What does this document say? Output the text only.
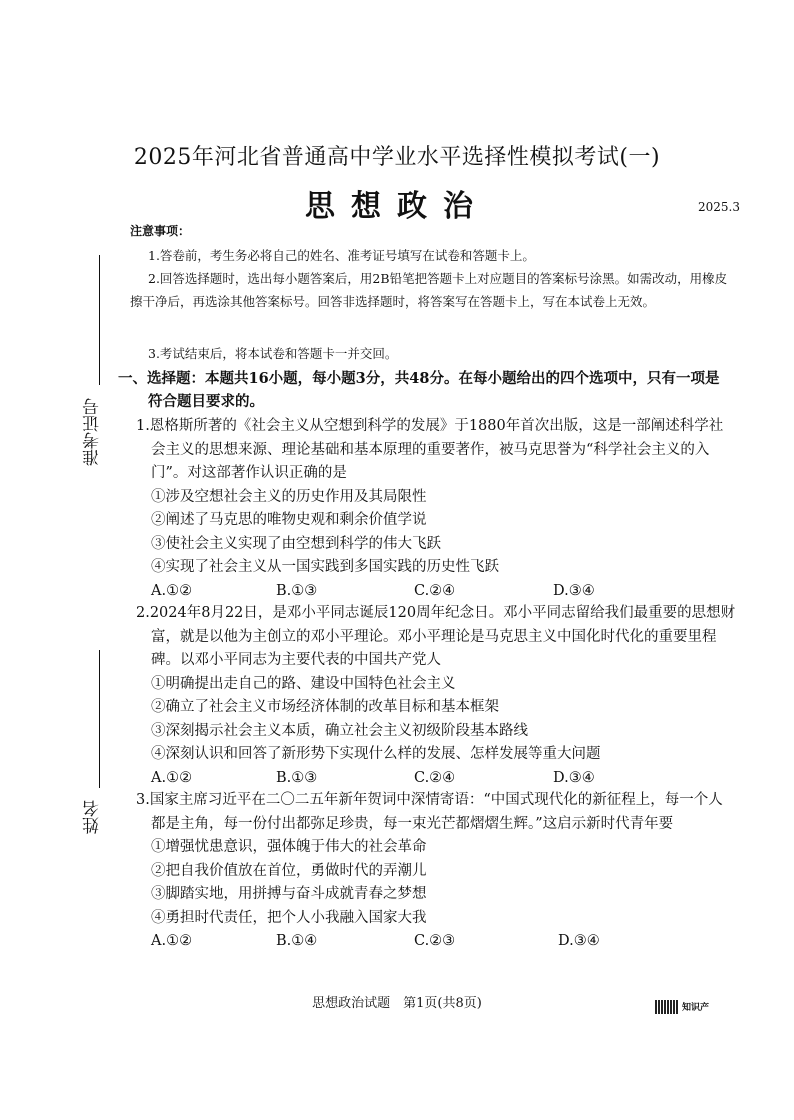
2025年河北省普通高中学业水平选择性模拟考试(一)
思想政治	2025.3
准考证号
姓名
注意事项：
1.答卷前，考生务必将自己的姓名、准考证号填写在试卷和答题卡上。
2.回答选择题时，选出每小题答案后，用2B铅笔把答题卡上对应题目的答案标号涂黑。如需改动，用橡皮擦干净后，再选涂其他答案标号。回答非选择题时，将答案写在答题卡上，写在本试卷上无效。
3.考试结束后，将本试卷和答题卡一并交回。
一、选择题：本题共16小题，每小题3分，共48分。在每小题给出的四个选项中，只有一项是符合题目要求的。
1.恩格斯所著的《社会主义从空想到科学的发展》于1880年首次出版，这是一部阐述科学社会主义的思想来源、理论基础和基本原理的重要著作，被马克思誉为“科学社会主义的入门”。对这部著作认识正确的是
①涉及空想社会主义的历史作用及其局限性
②阐述了马克思的唯物史观和剩余价值学说
③使社会主义实现了由空想到科学的伟大飞跃
④实现了社会主义从一国实践到多国实践的历史性飞跃
A.①②	B.①③	C.②④	D.③④
2.2024年8月22日，是邓小平同志诞辰120周年纪念日。邓小平同志留给我们最重要的思想财富，就是以他为主创立的邓小平理论。邓小平理论是马克思主义中国化时代化的重要里程碑。以邓小平同志为主要代表的中国共产党人
①明确提出走自己的路、建设中国特色社会主义
②确立了社会主义市场经济体制的改革目标和基本框架
③深刻揭示社会主义本质，确立社会主义初级阶段基本路线
④深刻认识和回答了新形势下实现什么样的发展、怎样发展等重大问题
A.①②	B.①③	C.②④	D.③④
3.国家主席习近平在二〇二五年新年贺词中深情寄语：“中国式现代化的新征程上，每一个人都是主角，每一份付出都弥足珍贵，每一束光芒都熠熠生辉。”这启示新时代青年要
①增强忧患意识，强体魄于伟大的社会革命
②把自我价值放在首位，勇做时代的弄潮儿
③脚踏实地，用拼搏与奋斗成就青春之梦想
④勇担时代责任，把个人小我融入国家大我
A.①②	B.①④	C.②③	D.③④
思想政治试题　第1页(共8页)	知识产
